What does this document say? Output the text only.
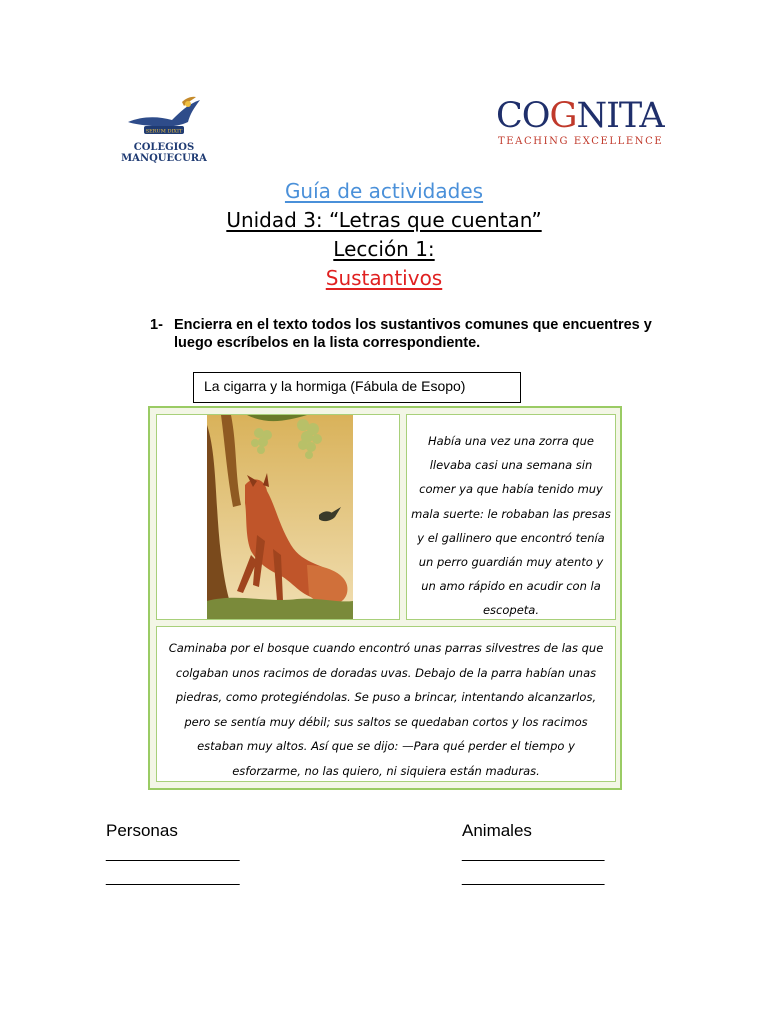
SERUM DIXIT
COLEGIOS MANQUECURA
COGNITA
TEACHING EXCELLENCE
Guía de actividades
Unidad 3: “Letras que cuentan”
Lección 1:
Sustantivos
1- Encierra en el texto todos los sustantivos comunes que encuentres y luego escríbelos en la lista correspondiente.
La cigarra y la hormiga (Fábula de Esopo)
Había una vez una zorra que llevaba casi una semana sin comer ya que había tenido muy mala suerte: le robaban las presas y el gallinero que encontró tenía un perro guardián muy atento y un amo rápido en acudir con la escopeta.
Caminaba por el bosque cuando encontró unas parras silvestres de las que colgaban unos racimos de doradas uvas. Debajo de la parra habían unas piedras, como protegiéndolas. Se puso a brincar, intentando alcanzarlos, pero se sentía muy débil; sus saltos se quedaban cortos y los racimos estaban muy altos. Así que se dijo: —Para qué perder el tiempo y esforzarme, no las quiero, ni siquiera están maduras.
Personas
_______________
_______________
Animales
________________
________________
